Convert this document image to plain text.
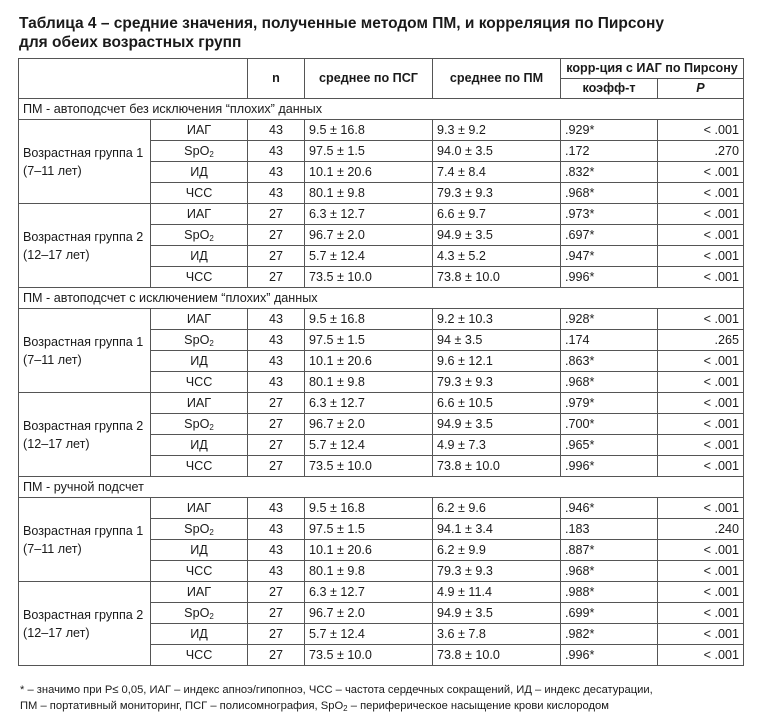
Таблица 4 – средние значения, полученные методом ПМ, и корреляция по Пирсону
для обеих возрастных групп
		n	среднее по ПСГ	среднее по ПМ	корр-ция с ИАГ по Пирсону	
					коэфф-т	P
ПМ - автоподсчет без исключения “плохих” данных						

Возрастная группа 1
(7–11 лет)	ИАГ	43	9.5 ± 16.8	9.3 ± 9.2	.929*	< .001
	SpO$_2$	43	97.5 ± 1.5	94.0 ± 3.5	.172	.270
	ИД	43	10.1 ± 20.6	7.4 ± 8.4	.832*	< .001
	ЧСС	43	80.1 ± 9.8	79.3 ± 9.3	.968*	< .001

Возрастная группа 2
(12–17 лет)	ИАГ	27	6.3 ± 12.7	6.6 ± 9.7	.973*	< .001
	SpO$_2$	27	96.7 ± 2.0	94.9 ± 3.5	.697*	< .001
	ИД	27	5.7 ± 12.4	4.3 ± 5.2	.947*	< .001
	ЧСС	27	73.5 ± 10.0	73.8 ± 10.0	.996*	< .001
ПМ - автоподсчет с исключением “плохих” данных						

Возрастная группа 1
(7–11 лет)	ИАГ	43	9.5 ± 16.8	9.2 ± 10.3	.928*	< .001
	SpO$_2$	43	97.5 ± 1.5	94 ± 3.5	.174	.265
	ИД	43	10.1 ± 20.6	9.6 ± 12.1	.863*	< .001
	ЧСС	43	80.1 ± 9.8	79.3 ± 9.3	.968*	< .001

Возрастная группа 2
(12–17 лет)	ИАГ	27	6.3 ± 12.7	6.6 ± 10.5	.979*	< .001
	SpO$_2$	27	96.7 ± 2.0	94.9 ± 3.5	.700*	< .001
	ИД	27	5.7 ± 12.4	4.9 ± 7.3	.965*	< .001
	ЧСС	27	73.5 ± 10.0	73.8 ± 10.0	.996*	< .001
ПМ - ручной подсчет						

Возрастная группа 1
(7–11 лет)	ИАГ	43	9.5 ± 16.8	6.2 ± 9.6	.946*	< .001
	SpO$_2$	43	97.5 ± 1.5	94.1 ± 3.4	.183	.240
	ИД	43	10.1 ± 20.6	6.2 ± 9.9	.887*	< .001
	ЧСС	43	80.1 ± 9.8	79.3 ± 9.3	.968*	< .001

Возрастная группа 2
(12–17 лет)	ИАГ	27	6.3 ± 12.7	4.9 ± 11.4	.988*	< .001
	SpO$_2$	27	96.7 ± 2.0	94.9 ± 3.5	.699*	< .001
	ИД	27	5.7 ± 12.4	3.6 ± 7.8	.982*	< .001
	ЧСС	27	73.5 ± 10.0	73.8 ± 10.0	.996*	< .001
* – значимо при P≤ 0,05, ИАГ – индекс апноэ/гипопноэ, ЧСС – частота сердечных сокращений, ИД – индекс десатурации,
ПМ – портативный мониторинг, ПСГ – полисомнография, SpO$_2$ – периферическое насыщение крови кислородом
